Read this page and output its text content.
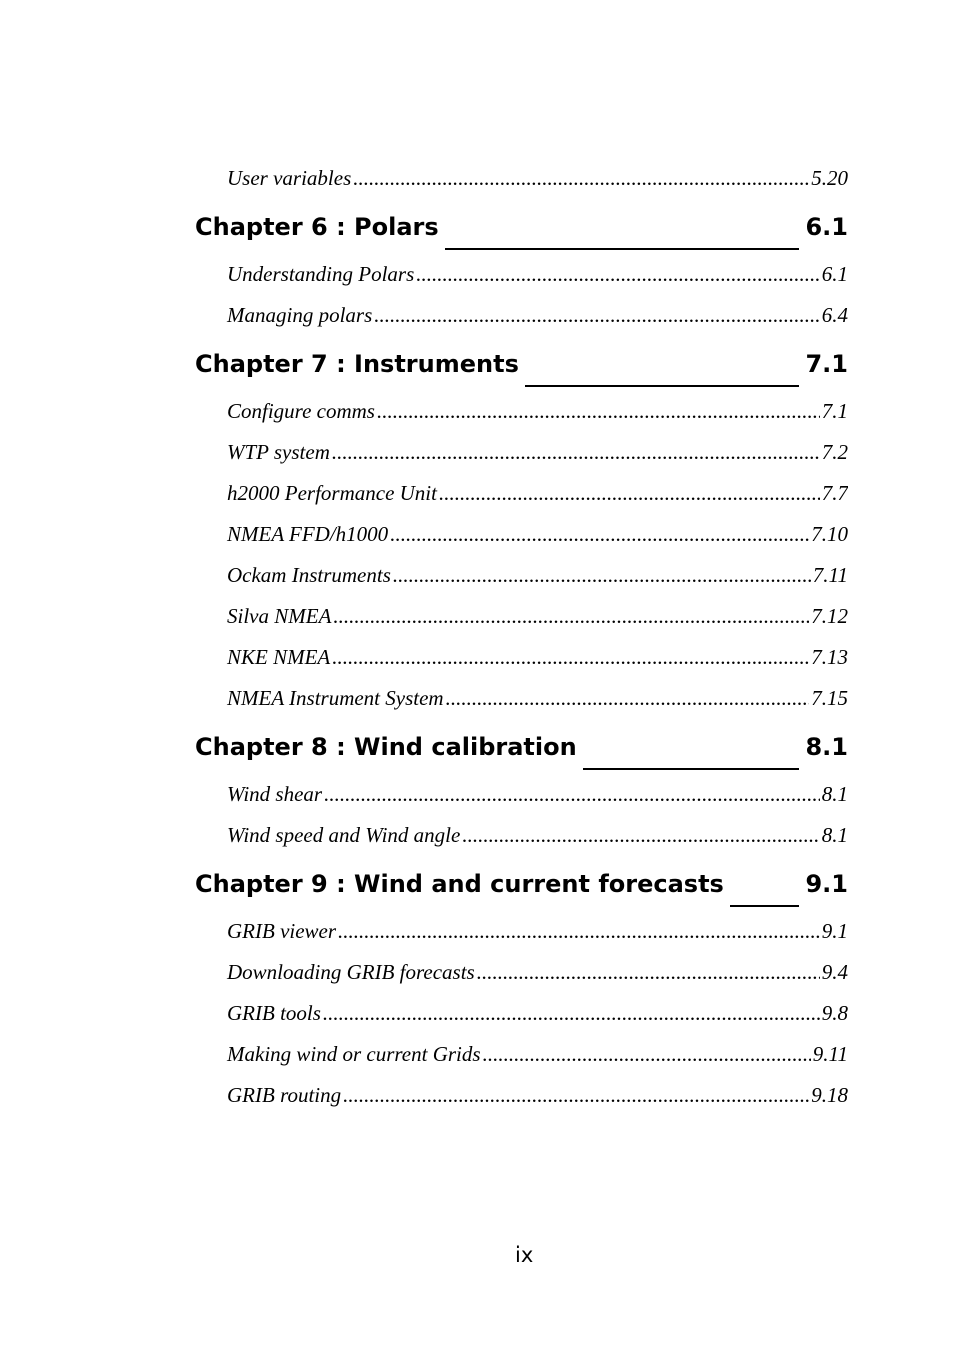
User variables .....	5.20
Chapter 6 : Polars	6.1
Understanding Polars .....	6.1
Managing polars .....	6.4
Chapter 7 : Instruments	7.1
Configure comms .....	7.1
WTP system .....	7.2
h2000 Performance Unit .....	7.7
NMEA FFD/h1000 .....	7.10
Ockam Instruments .....	7.11
Silva NMEA .....	7.12
NKE NMEA .....	7.13
NMEA Instrument System .....	7.15
Chapter 8 : Wind calibration	8.1
Wind shear .....	8.1
Wind speed and Wind angle .....	8.1
Chapter 9 : Wind and current forecasts	9.1
GRIB viewer .....	9.1
Downloading GRIB forecasts .....	9.4
GRIB tools .....	9.8
Making wind or current Grids .....	9.11
GRIB routing .....	9.18
ix
